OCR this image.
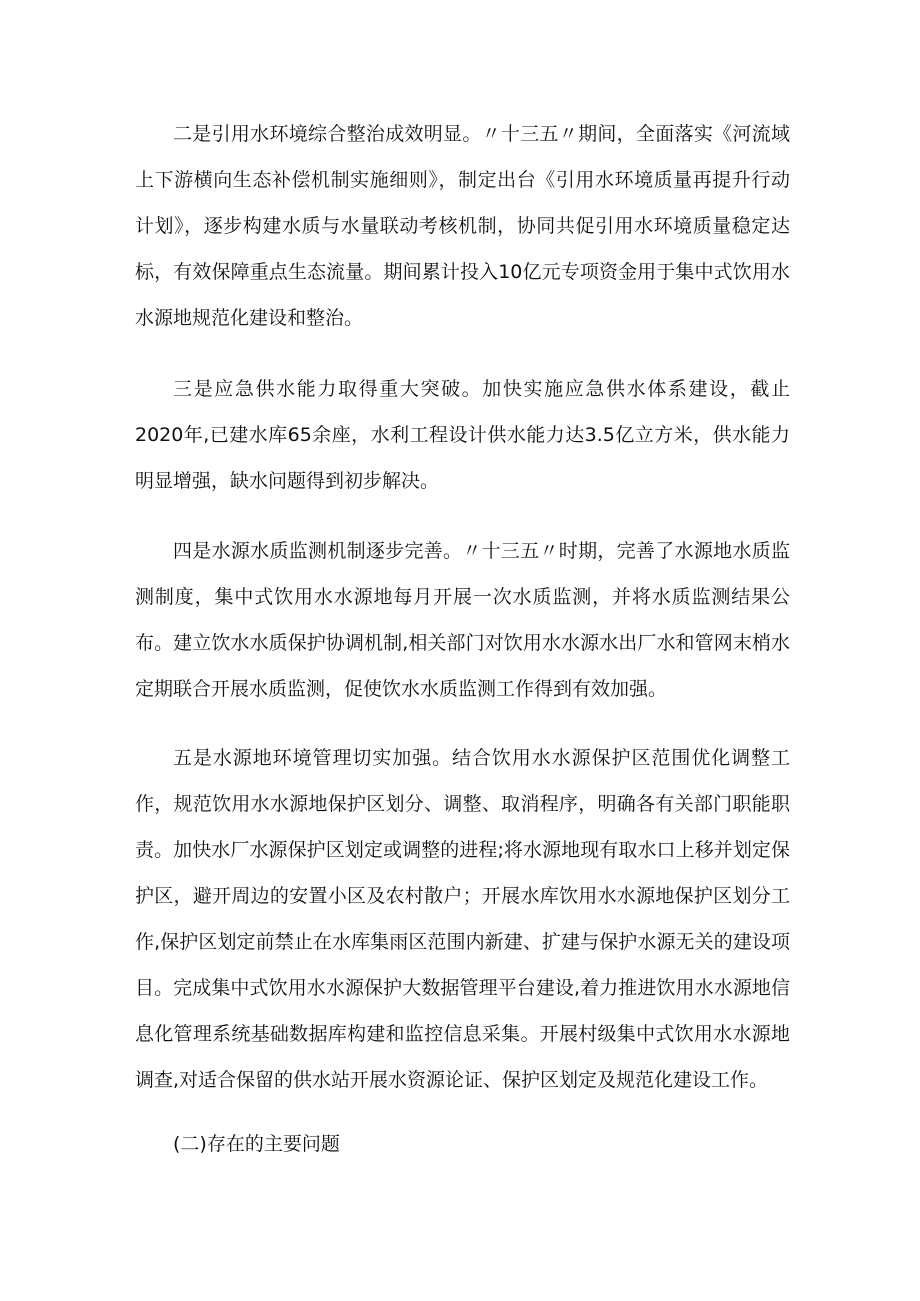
二是引用水环境综合整治成效明显。〃十三五〃期间，全面落实《河流域上下游横向生态补偿机制实施细则》，制定出台《引用水环境质量再提升行动计划》，逐步构建水质与水量联动考核机制，协同共促引用水环境质量稳定达标，有效保障重点生态流量。期间累计投入10亿元专项资金用于集中式饮用水水源地规范化建设和整治。

三是应急供水能力取得重大突破。加快实施应急供水体系建设，截止2020年,已建水库65余座，水利工程设计供水能力达3.5亿立方米，供水能力明显增强，缺水问题得到初步解决。

四是水源水质监测机制逐步完善。〃十三五〃时期，完善了水源地水质监测制度，集中式饮用水水源地每月开展一次水质监测，并将水质监测结果公布。建立饮水水质保护协调机制,相关部门对饮用水水源水出厂水和管网末梢水定期联合开展水质监测，促使饮水水质监测工作得到有效加强。

五是水源地环境管理切实加强。结合饮用水水源保护区范围优化调整工作，规范饮用水水源地保护区划分、调整、取消程序，明确各有关部门职能职责。加快水厂水源保护区划定或调整的进程;将水源地现有取水口上移并划定保护区，避开周边的安置小区及农村散户；开展水库饮用水水源地保护区划分工作,保护区划定前禁止在水库集雨区范围内新建、扩建与保护水源无关的建设项目。完成集中式饮用水水源保护大数据管理平台建设,着力推进饮用水水源地信息化管理系统基础数据库构建和监控信息采集。开展村级集中式饮用水水源地调查,对适合保留的供水站开展水资源论证、保护区划定及规范化建设工作。

(二)存在的主要问题
